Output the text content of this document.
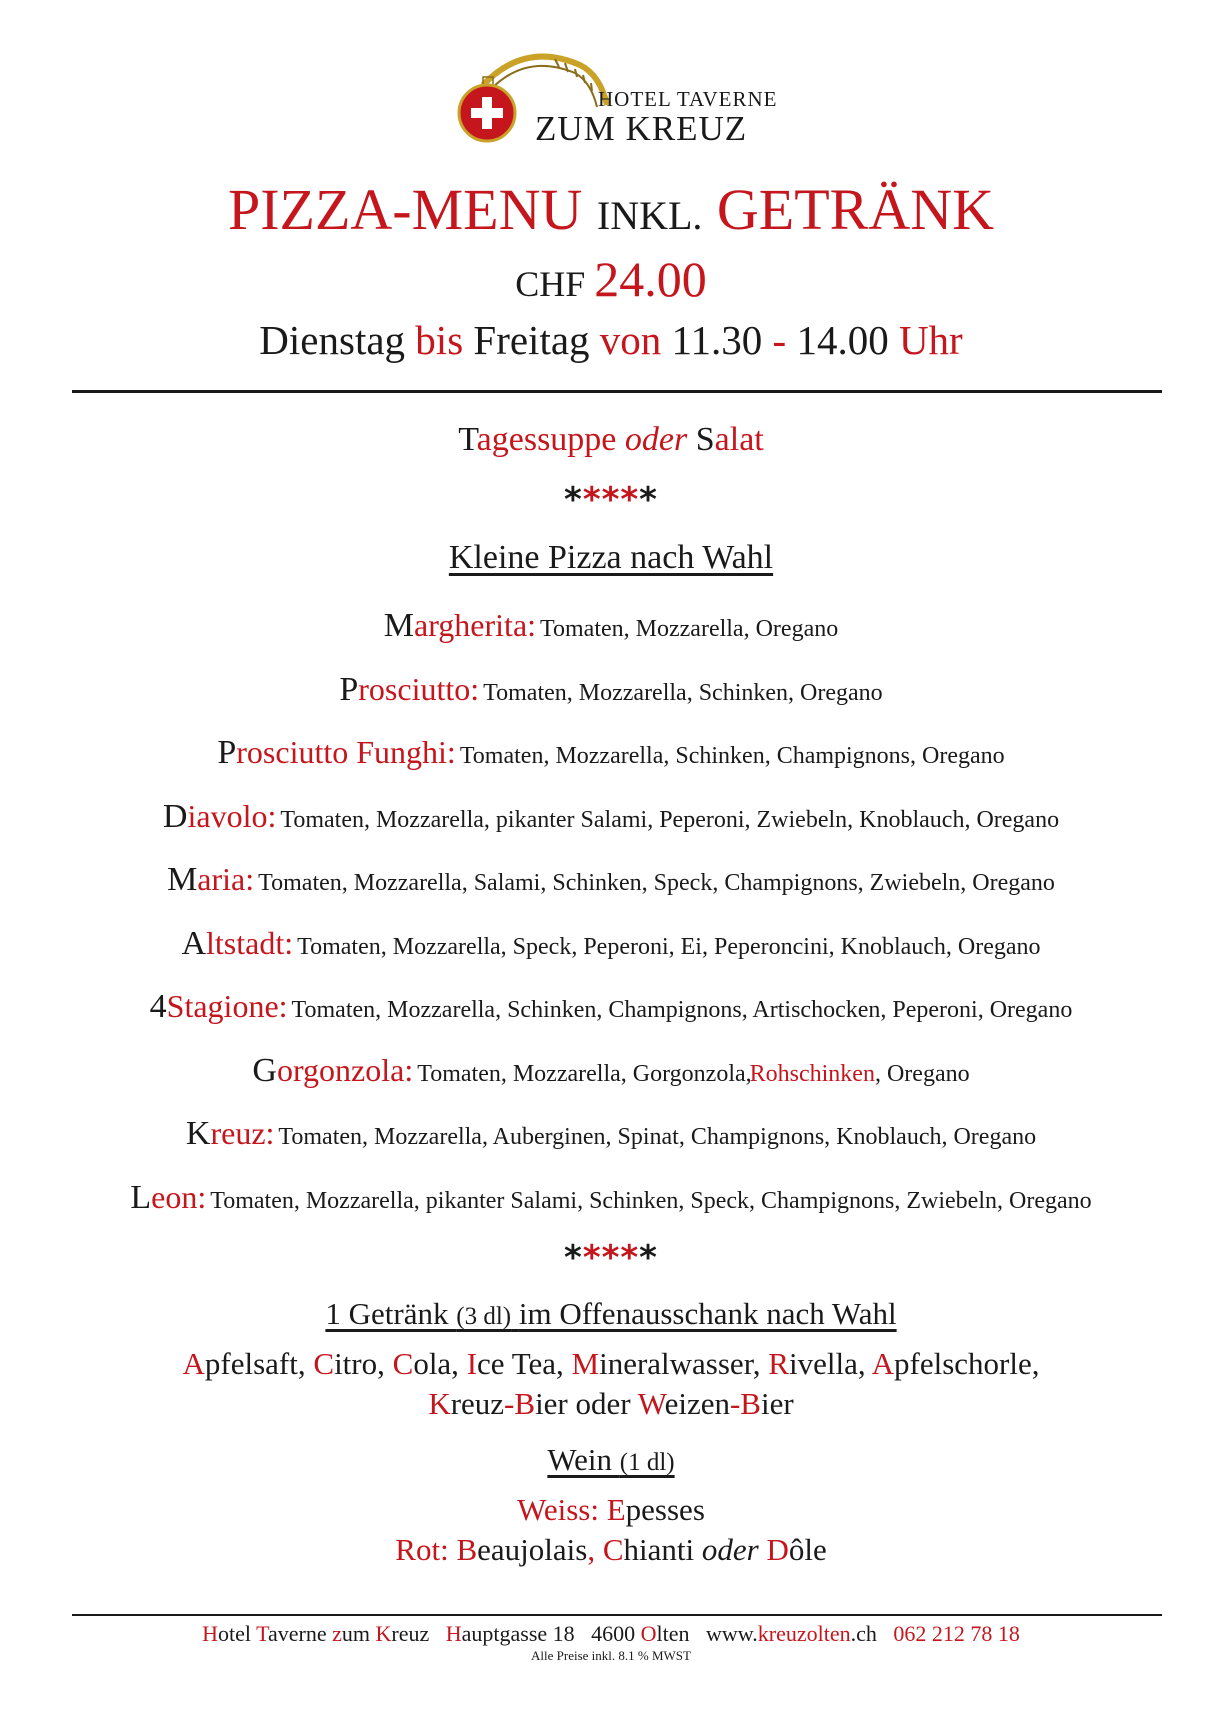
HOTEL TAVERNE
ZUM KREUZ
PIZZA-MENU INKL. GETRÄNK
CHF 24.00
Dienstag bis Freitag von 11.30 - 14.00 Uhr
Tagessuppe oder Salat
*****
Kleine Pizza nach Wahl
Margherita: Tomaten, Mozzarella, Oregano
Prosciutto: Tomaten, Mozzarella, Schinken, Oregano
Prosciutto Funghi: Tomaten, Mozzarella, Schinken, Champignons, Oregano
Diavolo: Tomaten, Mozzarella, pikanter Salami, Peperoni, Zwiebeln, Knoblauch, Oregano
Maria: Tomaten, Mozzarella, Salami, Schinken, Speck, Champignons, Zwiebeln, Oregano
Altstadt: Tomaten, Mozzarella, Speck, Peperoni, Ei, Peperoncini, Knoblauch, Oregano
4Stagione: Tomaten, Mozzarella, Schinken, Champignons, Artischocken, Peperoni, Oregano
Gorgonzola: Tomaten, Mozzarella, Gorgonzola, Rohschinken, Oregano
Kreuz: Tomaten, Mozzarella, Auberginen, Spinat, Champignons, Knoblauch, Oregano
Leon: Tomaten, Mozzarella, pikanter Salami, Schinken, Speck, Champignons, Zwiebeln, Oregano
*****
1 Getränk (3 dl) im Offenausschank nach Wahl
Apfelsaft, Citro, Cola, Ice Tea, Mineralwasser, Rivella, Apfelschorle,
Kreuz-Bier oder Weizen-Bier
Wein (1 dl)
Weiss: Epesses
Rot: Beaujolais, Chianti oder Dôle
Hotel Taverne zum Kreuz   Hauptgasse 18   4600 Olten   www.kreuzolten.ch   062 212 78 18
Alle Preise inkl. 8.1 % MWST
